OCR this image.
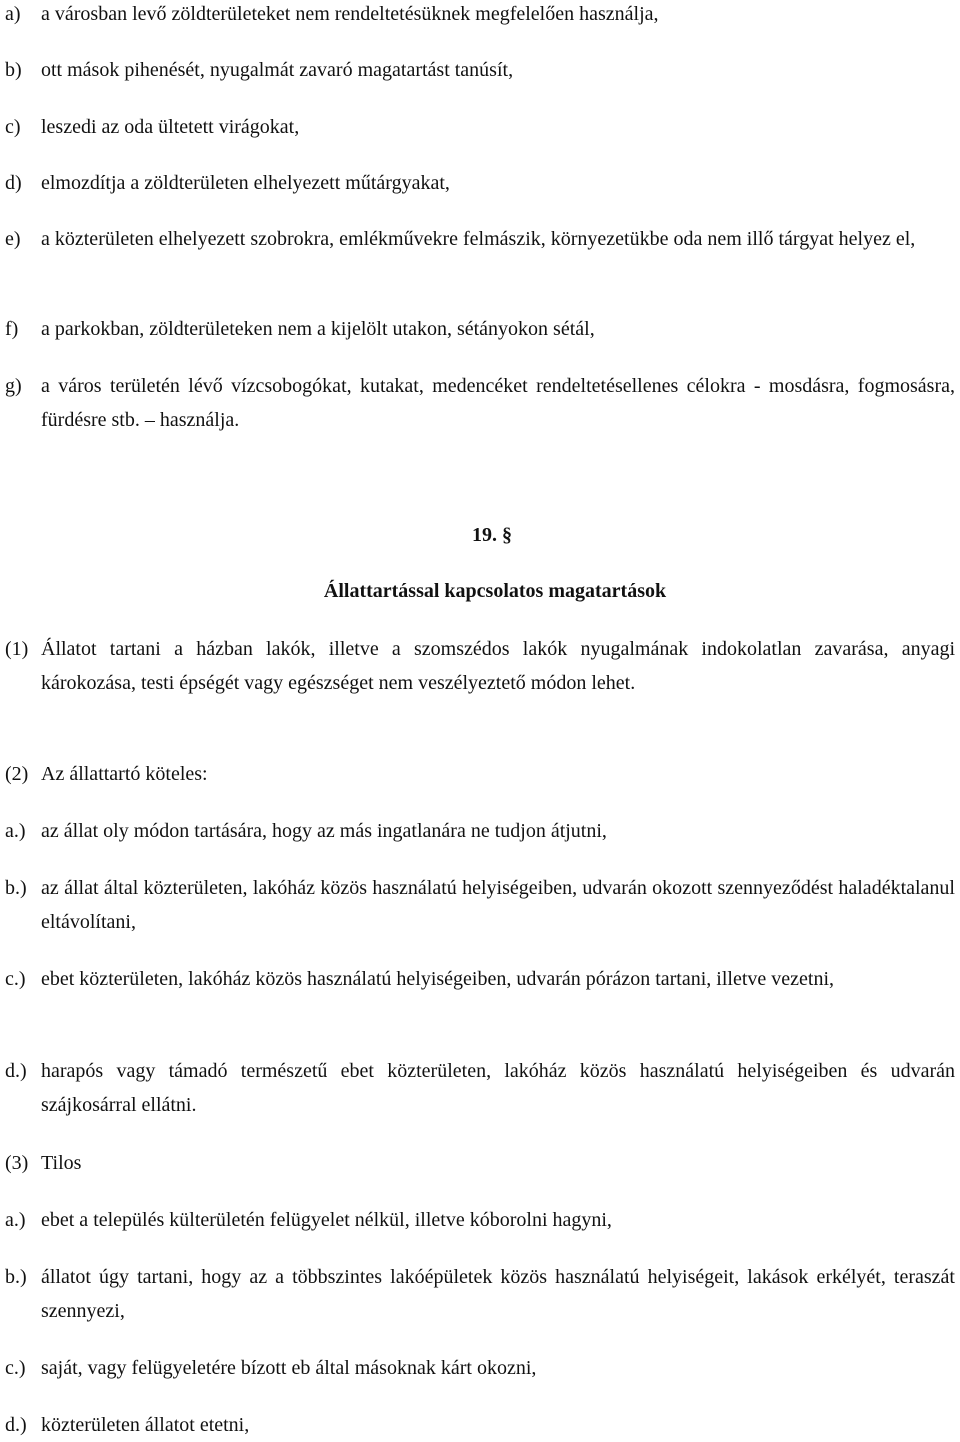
a) a városban levő zöldterületeket nem rendeltetésüknek megfelelően használja,
b) ott mások pihenését, nyugalmát zavaró magatartást tanúsít,
c) leszedi az oda ültetett virágokat,
d) elmozdítja a zöldterületen elhelyezett műtárgyakat,
e) a közterületen elhelyezett szobrokra, emlékművekre felmászik, környezetükbe oda nem illő tárgyat helyez el,
f) a parkokban, zöldterületeken nem a kijelölt utakon, sétányokon sétál,
g) a város területén lévő vízcsobogókat, kutakat, medencéket rendeltetésellenes célokra - mosdásra, fogmosásra, fürdésre stb. – használja.
19. §
Állattartással kapcsolatos magatartások
(1) Állatot tartani a házban lakók, illetve a szomszédos lakók nyugalmának indokolatlan zavarása, anyagi károkozása, testi épségét vagy egészséget nem veszélyeztető módon lehet.
(2) Az állattartó köteles:
a.) az állat oly módon tartására, hogy az más ingatlanára ne tudjon átjutni,
b.) az állat által közterületen, lakóház közös használatú helyiségeiben, udvarán okozott szennyeződést haladéktalanul eltávolítani,
c.) ebet közterületen, lakóház közös használatú helyiségeiben, udvarán pórázon tartani, illetve vezetni,
d.) harapós vagy támadó természetű ebet közterületen, lakóház közös használatú helyiségeiben és udvarán szájkosárral ellátni.
(3) Tilos
a.) ebet a település külterületén felügyelet nélkül, illetve kóborolni hagyni,
b.) állatot úgy tartani, hogy az a többszintes lakóépületek közös használatú helyiségeit, lakások erkélyét, teraszát szennyezi,
c.) saját, vagy felügyeletére bízott eb által másoknak kárt okozni,
d.) közterületen állatot etetni,
